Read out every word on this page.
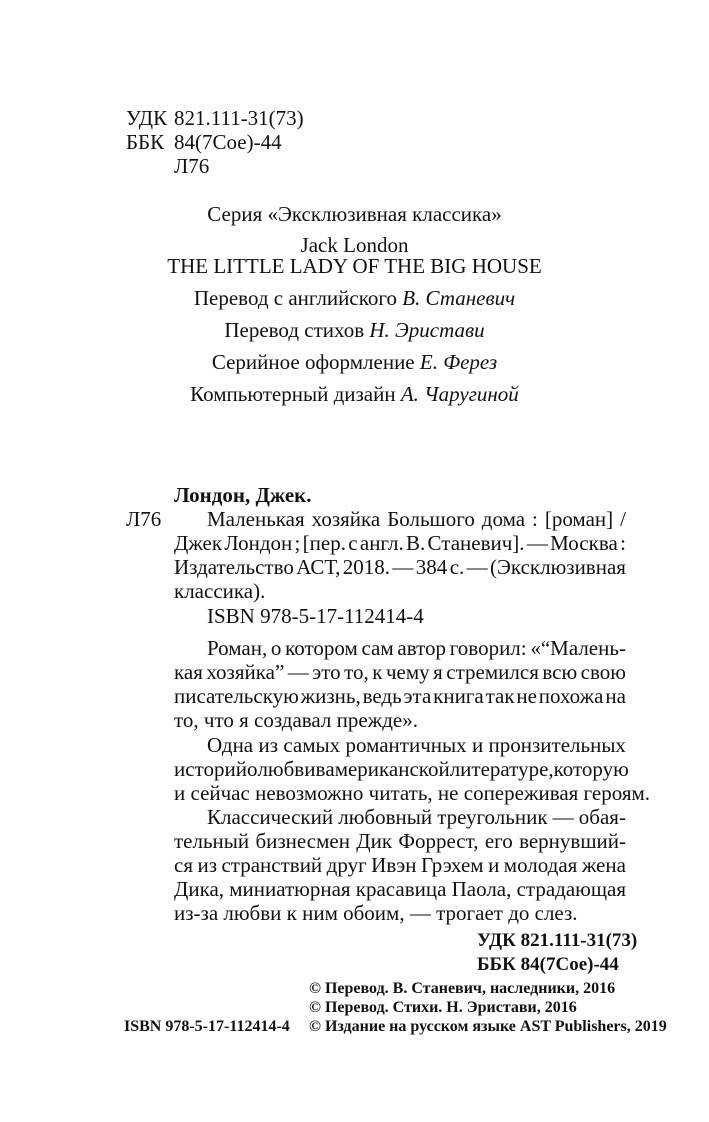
УДК 821.111-31(73)
ББК 84(7Сое)-44
Л76
Серия «Эксклюзивная классика»
Jack London
THE LITTLE LADY OF THE BIG HOUSE
Перевод с английского В. Станевич
Перевод стихов Н. Эристави
Серийное оформление Е. Ферез
Компьютерный дизайн А. Чаругиной
Лондон, Джек.
Л76 Маленькая хозяйка Большого дома : [роман] /
Джек Лондон ; [пер. с англ. В. Станевич]. — Москва :
Издательство АСТ, 2018. — 384 с. — (Эксклюзивная
классика).
ISBN 978-5-17-112414-4
Роман, о котором сам автор говорил: «“Малень-
кая хозяйка” — это то, к чему я стремился всю свою
писательскую жизнь, ведь эта книга так не похожа на
то, что я создавал прежде».
Одна из самых романтичных и пронзительных
историй о любви в американской литературе, которую
и сейчас невозможно читать, не сопереживая героям.
Классический любовный треугольник — обая-
тельный бизнесмен Дик Форрест, его вернувший-
ся из странствий друг Ивэн Грэхем и молодая жена
Дика, миниатюрная красавица Паола, страдающая
из-за любви к ним обоим, — трогает до слез.
УДК 821.111-31(73)
ББК 84(7Сое)-44
© Перевод. В. Станевич, наследники, 2016
© Перевод. Стихи. Н. Эристави, 2016
ISBN 978-5-17-112414-4 © Издание на русском языке AST Publishers, 2019
